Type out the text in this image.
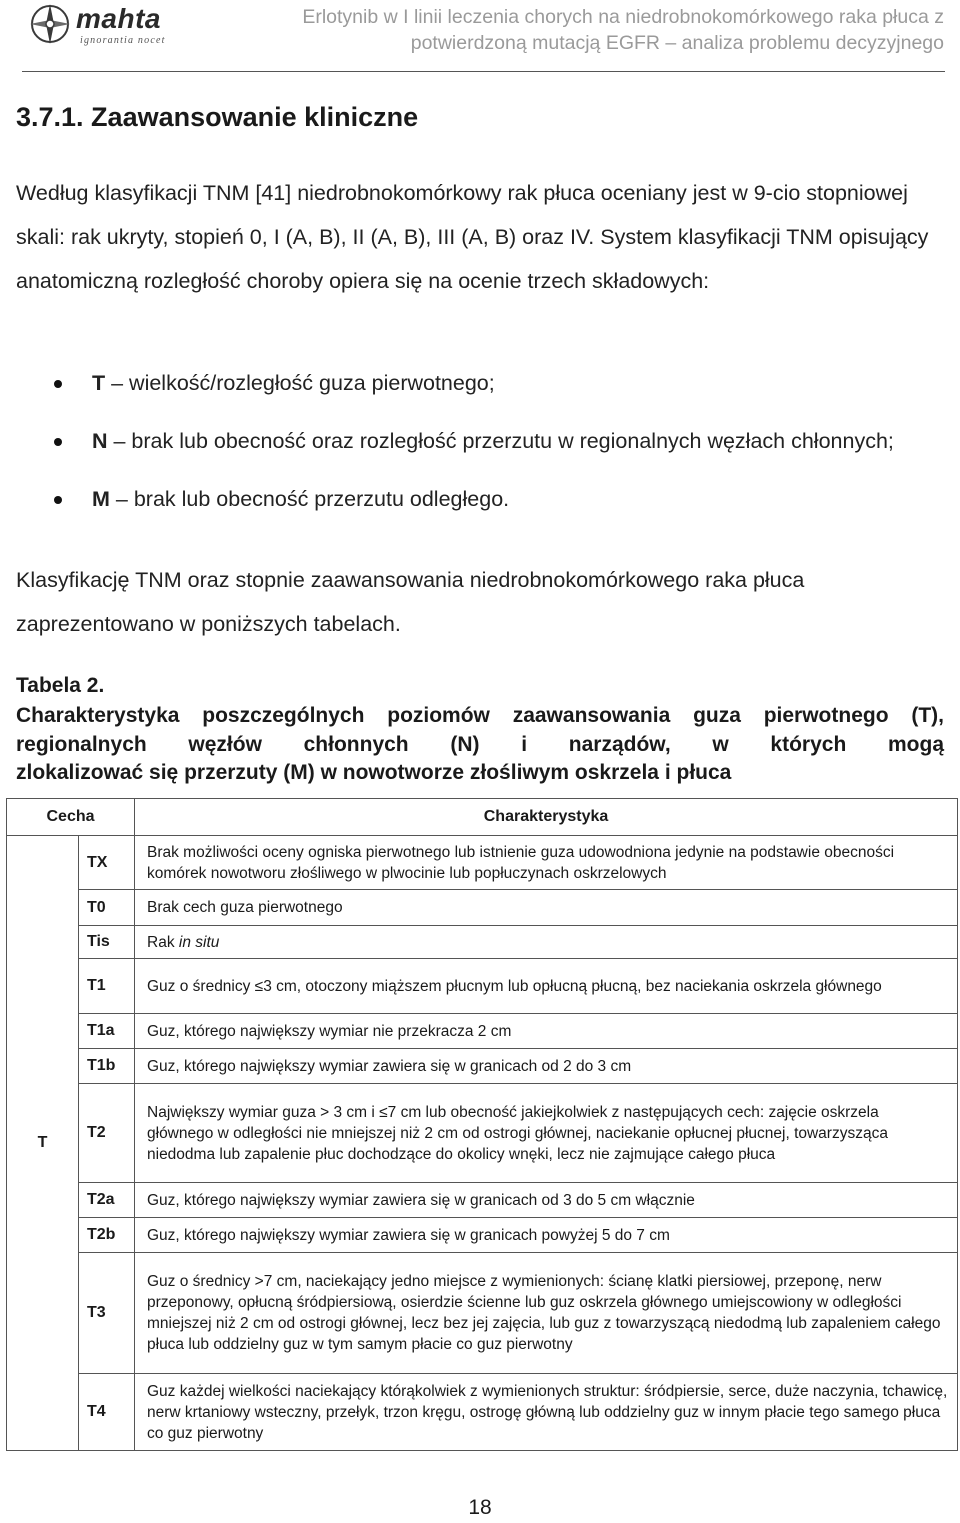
mahta
ignorantia nocet
Erlotynib w I linii leczenia chorych na niedrobnokomórkowego raka płuca z potwierdzoną mutacją EGFR – analiza problemu decyzyjnego
3.7.1. Zaawansowanie kliniczne

Według klasyfikacji TNM [41] niedrobnokomórkowy rak płuca oceniany jest w 9-cio stopniowej skali: rak ukryty, stopień 0, I (A, B), II (A, B), III (A, B) oraz IV. System klasyfikacji TNM opisujący anatomiczną rozległość choroby opiera się na ocenie trzech składowych:

T – wielkość/rozległość guza pierwotnego;
N – brak lub obecność oraz rozległość przerzutu w regionalnych węzłach chłonnych;
M – brak lub obecność przerzutu odległego.

Klasyfikację TNM oraz stopnie zaawansowania niedrobnokomórkowego raka płuca zaprezentowano w poniższych tabelach.

Tabela 2.
Charakterystyka poszczególnych poziomów zaawansowania guza pierwotnego (T), regionalnych węzłów chłonnych (N) i narządów, w których mogą
zlokalizować się przerzuty (M) w nowotworze złośliwym oskrzela i płuca
Cecha		Charakterystyka
T	TX	Brak możliwości oceny ogniska pierwotnego lub istnienie guza udowodniona jedynie na podstawie obecności komórek nowotworu złośliwego w plwocinie lub popłuczynach oskrzelowych
	T0	Brak cech guza pierwotnego
	Tis	Rak in situ
	T1	Guz o średnicy ≤3 cm, otoczony miąższem płucnym lub opłucną płucną, bez naciekania oskrzela głównego
	T1a	Guz, którego największy wymiar nie przekracza 2 cm
	T1b	Guz, którego największy wymiar zawiera się w granicach od 2 do 3 cm
	T2	Największy wymiar guza > 3 cm i ≤7 cm lub obecność jakiejkolwiek z następujących cech: zajęcie oskrzela głównego w odległości nie mniejszej niż 2 cm od ostrogi głównej, naciekanie opłucnej płucnej, towarzysząca niedodma lub zapalenie płuc dochodzące do okolicy wnęki, lecz nie zajmujące całego płuca
	T2a	Guz, którego największy wymiar zawiera się w granicach od 3 do 5 cm włącznie
	T2b	Guz, którego największy wymiar zawiera się w granicach powyżej 5 do 7 cm
	T3	Guz o średnicy >7 cm, naciekający jedno miejsce z wymienionych: ścianę klatki piersiowej, przeponę, nerw przeponowy, opłucną śródpiersiową, osierdzie ścienne lub guz oskrzela głównego umiejscowiony w odległości mniejszej niż 2 cm od ostrogi głównej, lecz bez jej zajęcia, lub guz z towarzyszącą niedodmą lub zapaleniem całego płuca lub oddzielny guz w tym samym płacie co guz pierwotny
	T4	Guz każdej wielkości naciekający którąkolwiek z wymienionych struktur: śródpiersie, serce, duże naczynia, tchawicę, nerw krtaniowy wsteczny, przełyk, trzon kręgu, ostrogę główną lub oddzielny guz w innym płacie tego samego płuca co guz pierwotny
18
